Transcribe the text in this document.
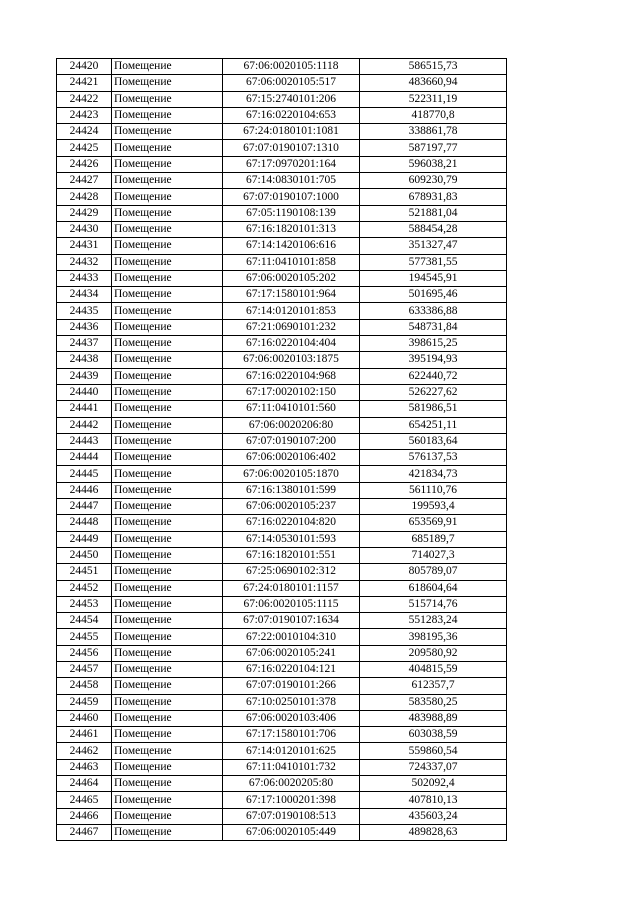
24420	Помещение	67:06:0020105:1118	586515,73
24421	Помещение	67:06:0020105:517	483660,94
24422	Помещение	67:15:2740101:206	522311,19
24423	Помещение	67:16:0220104:653	418770,8
24424	Помещение	67:24:0180101:1081	338861,78
24425	Помещение	67:07:0190107:1310	587197,77
24426	Помещение	67:17:0970201:164	596038,21
24427	Помещение	67:14:0830101:705	609230,79
24428	Помещение	67:07:0190107:1000	678931,83
24429	Помещение	67:05:1190108:139	521881,04
24430	Помещение	67:16:1820101:313	588454,28
24431	Помещение	67:14:1420106:616	351327,47
24432	Помещение	67:11:0410101:858	577381,55
24433	Помещение	67:06:0020105:202	194545,91
24434	Помещение	67:17:1580101:964	501695,46
24435	Помещение	67:14:0120101:853	633386,88
24436	Помещение	67:21:0690101:232	548731,84
24437	Помещение	67:16:0220104:404	398615,25
24438	Помещение	67:06:0020103:1875	395194,93
24439	Помещение	67:16:0220104:968	622440,72
24440	Помещение	67:17:0020102:150	526227,62
24441	Помещение	67:11:0410101:560	581986,51
24442	Помещение	67:06:0020206:80	654251,11
24443	Помещение	67:07:0190107:200	560183,64
24444	Помещение	67:06:0020106:402	576137,53
24445	Помещение	67:06:0020105:1870	421834,73
24446	Помещение	67:16:1380101:599	561110,76
24447	Помещение	67:06:0020105:237	199593,4
24448	Помещение	67:16:0220104:820	653569,91
24449	Помещение	67:14:0530101:593	685189,7
24450	Помещение	67:16:1820101:551	714027,3
24451	Помещение	67:25:0690102:312	805789,07
24452	Помещение	67:24:0180101:1157	618604,64
24453	Помещение	67:06:0020105:1115	515714,76
24454	Помещение	67:07:0190107:1634	551283,24
24455	Помещение	67:22:0010104:310	398195,36
24456	Помещение	67:06:0020105:241	209580,92
24457	Помещение	67:16:0220104:121	404815,59
24458	Помещение	67:07:0190101:266	612357,7
24459	Помещение	67:10:0250101:378	583580,25
24460	Помещение	67:06:0020103:406	483988,89
24461	Помещение	67:17:1580101:706	603038,59
24462	Помещение	67:14:0120101:625	559860,54
24463	Помещение	67:11:0410101:732	724337,07
24464	Помещение	67:06:0020205:80	502092,4
24465	Помещение	67:17:1000201:398	407810,13
24466	Помещение	67:07:0190108:513	435603,24
24467	Помещение	67:06:0020105:449	489828,63
